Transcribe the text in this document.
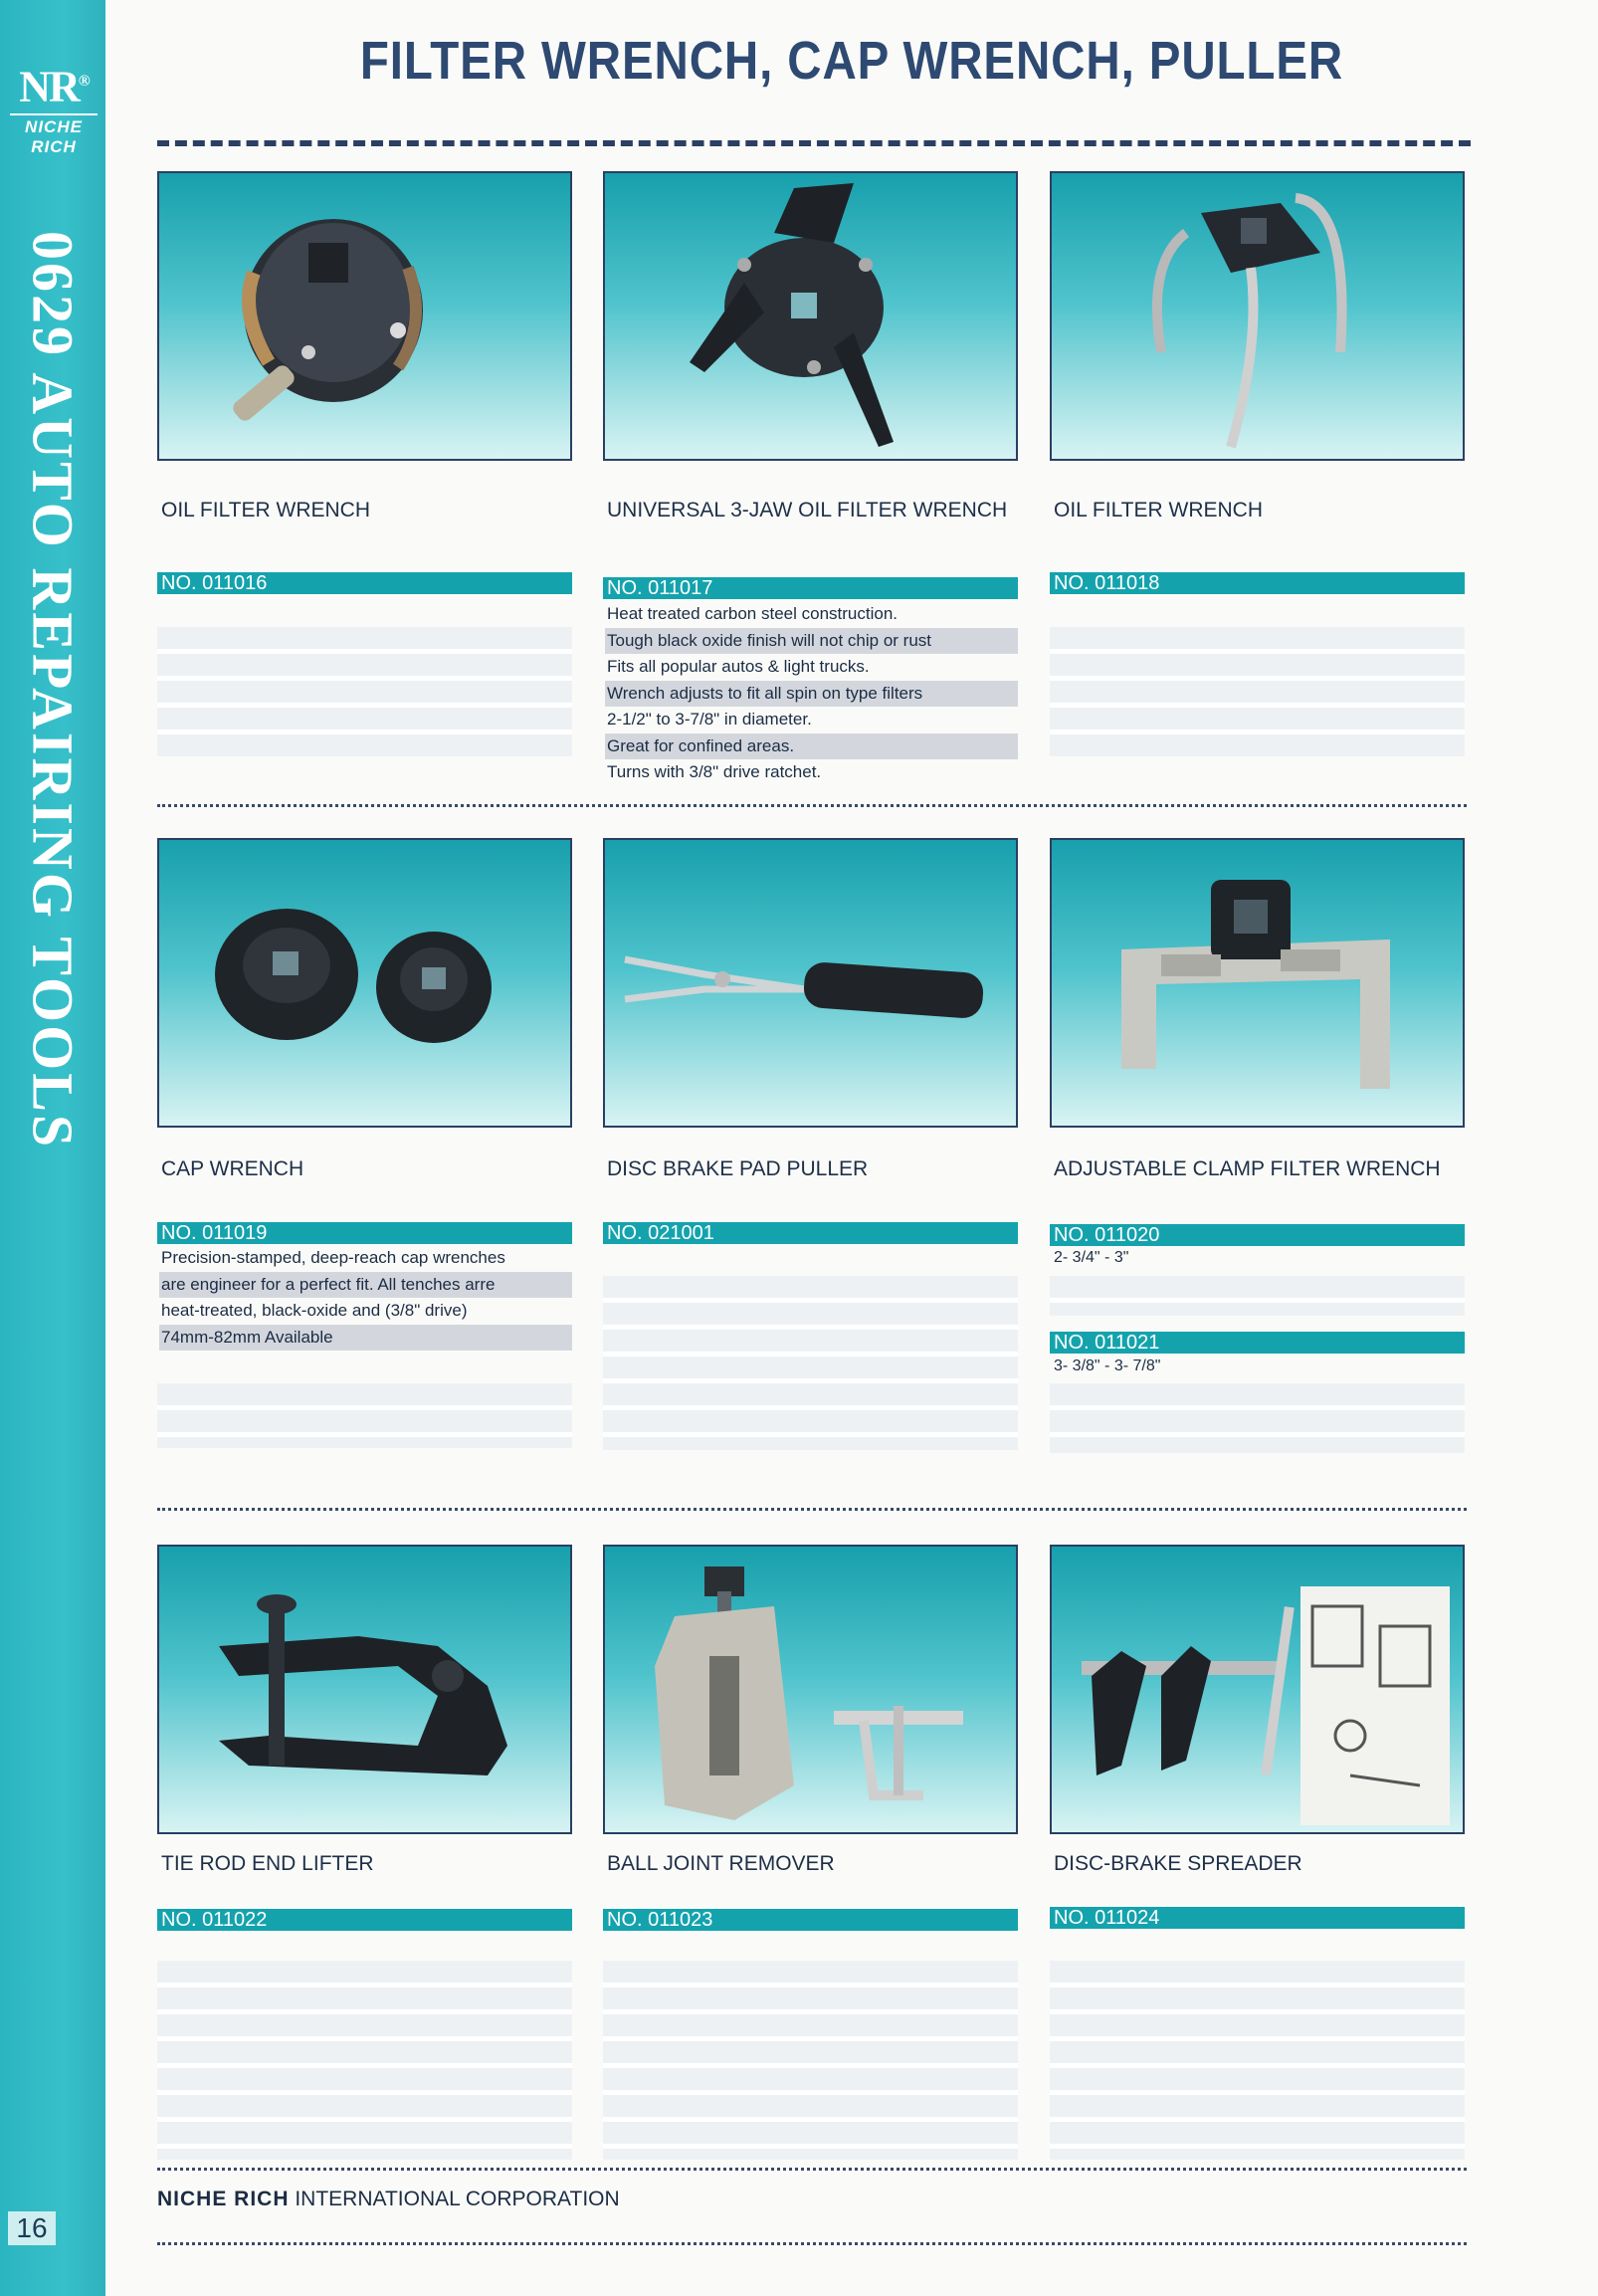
NR®
NICHE RICH
0629 AUTO REPAIRING TOOLS
16
FILTER WRENCH, CAP WRENCH, PULLER
OIL FILTER WRENCH
NO. 011016
UNIVERSAL 3-JAW OIL FILTER WRENCH
NO. 011017
Heat treated carbon steel construction.
Tough black oxide finish will not chip or rust
Fits all popular autos & light trucks.
Wrench adjusts to fit all spin on type filters
2-1/2" to 3-7/8" in diameter.
Great for confined areas.
Turns with 3/8" drive ratchet.
OIL FILTER WRENCH
NO. 011018
CAP WRENCH
NO. 011019
Precision-stamped, deep-reach cap wrenches
are engineer for a perfect fit. All tenches arre
heat-treated, black-oxide and (3/8" drive)
74mm-82mm Available
DISC BRAKE PAD PULLER
NO. 021001
ADJUSTABLE CLAMP FILTER WRENCH
NO. 011020
2- 3/4" - 3"
NO. 011021
3- 3/8" - 3- 7/8"
TIE ROD END LIFTER
NO. 011022
BALL JOINT REMOVER
NO. 011023
DISC-BRAKE SPREADER
NO. 011024
NICHE RICH INTERNATIONAL CORPORATION
